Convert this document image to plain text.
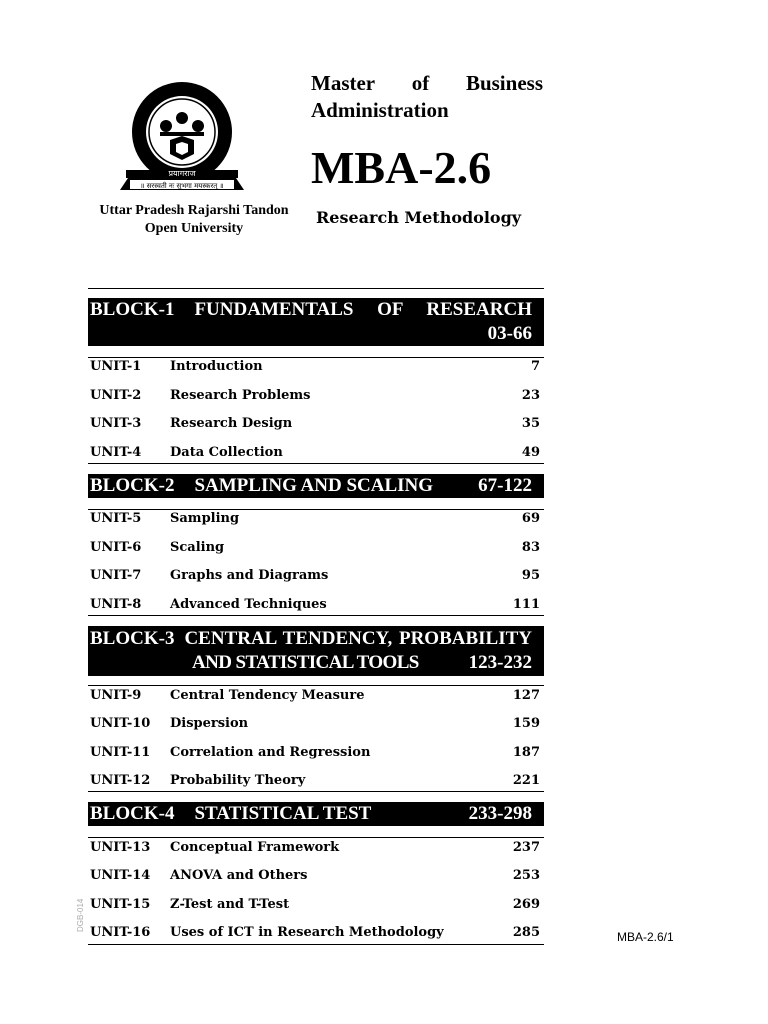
॥ सरस्वती नः सुभगा मयस्करत् ॥
प्रयागराज
Uttar Pradesh Rajarshi Tandon
Open University
Master of Business
Administration
MBA-2.6
Research Methodology
BLOCK-1 FUNDAMENTALS OF RESEARCH
03-66
UNIT-1 Introduction	7
UNIT-2 Research Problems	23
UNIT-3 Research Design	35
UNIT-4 Data Collection	49
BLOCK-2 SAMPLING AND SCALING	67-122
UNIT-5 Sampling	69
UNIT-6 Scaling	83
UNIT-7 Graphs and Diagrams	95
UNIT-8 Advanced Techniques	111
BLOCK-3 CENTRAL TENDENCY, PROBABILITY
AND STATISTICAL TOOLS	123-232
UNIT-9 Central Tendency Measure	127
UNIT-10 Dispersion	159
UNIT-11 Correlation and Regression	187
UNIT-12 Probability Theory	221
BLOCK-4 STATISTICAL TEST	233-298
UNIT-13 Conceptual Framework	237
UNIT-14 ANOVA and Others	253
UNIT-15 Z-Test and T-Test	269
UNIT-16 Uses of ICT in Research Methodology	285
DGB-014
MBA-2.6/1
